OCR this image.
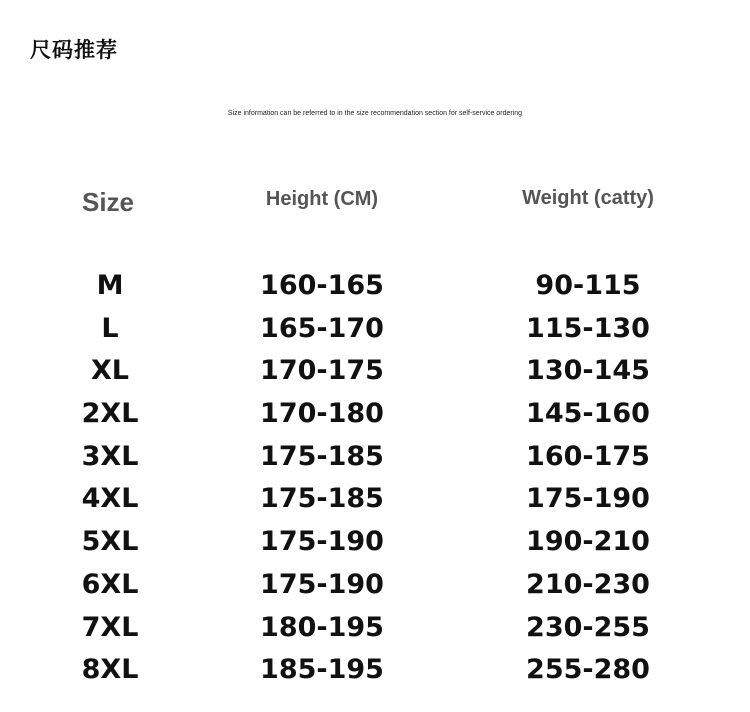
尺码推荐
Size information can be referred to in the size recommendation section for self-service ordering
Size	Height (CM)	Weight (catty)
M	160-165	90-115
L	165-170	115-130
XL	170-175	130-145
2XL	170-180	145-160
3XL	175-185	160-175
4XL	175-185	175-190
5XL	175-190	190-210
6XL	175-190	210-230
7XL	180-195	230-255
8XL	185-195	255-280
